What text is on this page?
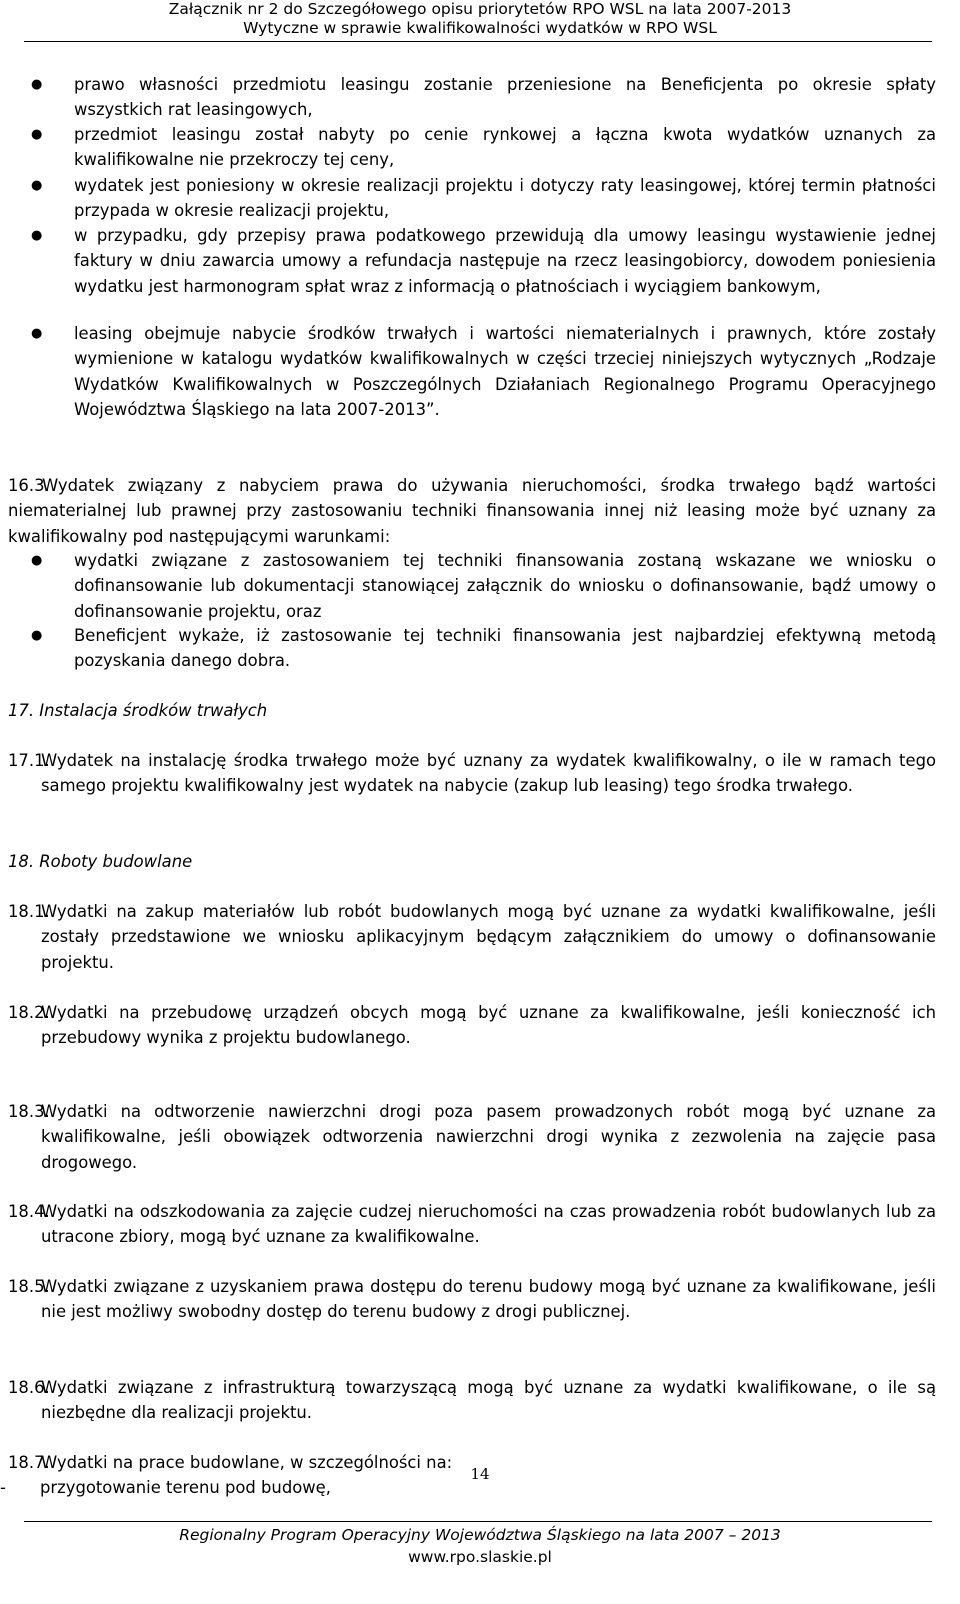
Załącznik nr 2 do Szczegółowego opisu priorytetów RPO WSL na lata 2007-2013
Wytyczne w sprawie kwalifikowalności wydatków w RPO WSL
● prawo własności przedmiotu leasingu zostanie przeniesione na Beneficjenta po okresie spłaty wszystkich rat leasingowych,
● przedmiot leasingu został nabyty po cenie rynkowej a łączna kwota wydatków uznanych za kwalifikowalne nie przekroczy tej ceny,
● wydatek jest poniesiony w okresie realizacji projektu i dotyczy raty leasingowej, której termin płatności przypada w okresie realizacji projektu,
● w przypadku, gdy przepisy prawa podatkowego przewidują dla umowy leasingu wystawienie jednej faktury w dniu zawarcia umowy a refundacja następuje na rzecz leasingobiorcy, dowodem poniesienia wydatku jest harmonogram spłat wraz z informacją o płatnościach i wyciągiem bankowym,
● leasing obejmuje nabycie środków trwałych i wartości niematerialnych i prawnych, które zostały wymienione w katalogu wydatków kwalifikowalnych w części trzeciej niniejszych wytycznych „Rodzaje Wydatków Kwalifikowalnych w Poszczególnych Działaniach Regionalnego Programu Operacyjnego Województwa Śląskiego na lata 2007-2013”.
16.3.Wydatek związany z nabyciem prawa do używania nieruchomości, środka trwałego bądź wartości niematerialnej lub prawnej przy zastosowaniu techniki finansowania innej niż leasing może być uznany za kwalifikowalny pod następującymi warunkami:
● wydatki związane z zastosowaniem tej techniki finansowania zostaną wskazane we wniosku o dofinansowanie lub dokumentacji stanowiącej załącznik do wniosku o dofinansowanie, bądź umowy o dofinansowanie projektu, oraz
● Beneficjent wykaże, iż zastosowanie tej techniki finansowania jest najbardziej efektywną metodą pozyskania danego dobra.
17. Instalacja środków trwałych
17.1.
Wydatek na instalację środka trwałego może być uznany za wydatek kwalifikowalny, o ile w ramach tego samego projektu kwalifikowalny jest wydatek na nabycie (zakup lub leasing) tego środka trwałego.
18. Roboty budowlane
18.1.
Wydatki na zakup materiałów lub robót budowlanych mogą być uznane za wydatki kwalifikowalne, jeśli zostały przedstawione we wniosku aplikacyjnym będącym załącznikiem do umowy o dofinansowanie projektu.
18.2.
Wydatki na przebudowę urządzeń obcych mogą być uznane za kwalifikowalne, jeśli konieczność ich przebudowy wynika z projektu budowlanego.
18.3.
Wydatki na odtworzenie nawierzchni drogi poza pasem prowadzonych robót mogą być uznane za kwalifikowalne, jeśli obowiązek odtworzenia nawierzchni drogi wynika z zezwolenia na zajęcie pasa drogowego.
18.4.
Wydatki na odszkodowania za zajęcie cudzej nieruchomości na czas prowadzenia robót budowlanych lub za utracone zbiory, mogą być uznane za kwalifikowalne.
18.5.
Wydatki związane z uzyskaniem prawa dostępu do terenu budowy mogą być uznane za kwalifikowane, jeśli nie jest możliwy swobodny dostęp do terenu budowy z drogi publicznej.
18.6.
Wydatki związane z infrastrukturą towarzyszącą mogą być uznane za wydatki kwalifikowane, o ile są niezbędne dla realizacji projektu.
18.7.
Wydatki na prace budowlane, w szczególności na:
- przygotowanie terenu pod budowę,
14
Regionalny Program Operacyjny Województwa Śląskiego na lata 2007 – 2013
www.rpo.slaskie.pl
